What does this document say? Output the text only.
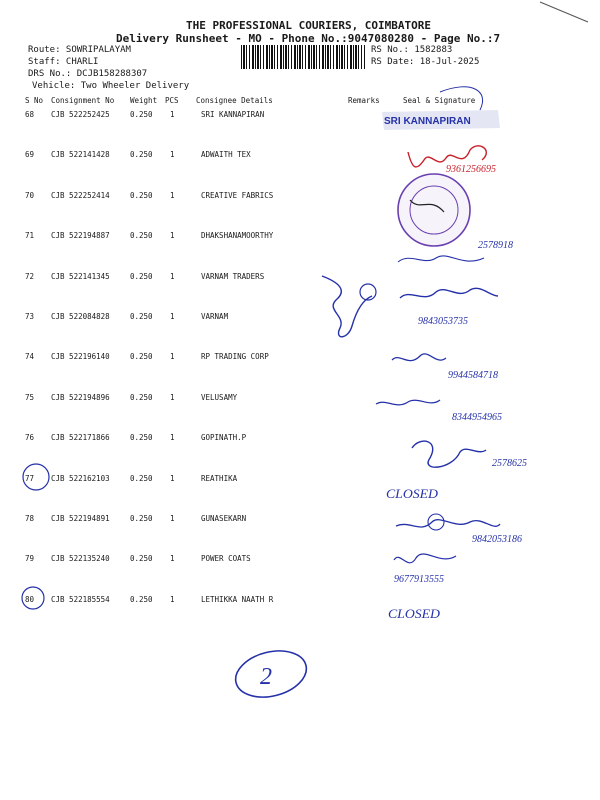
THE PROFESSIONAL COURIERS, COIMBATORE
Delivery Runsheet - MO - Phone No.:9047080280 - Page No.:7
Route: SOWRIPALAYAM
Staff: CHARLI
DRS No.: DCJB158288307
Vehicle: Two Wheeler Delivery
RS No.: 1582883
RS Date: 18-Jul-2025
S No Consignment No Weight PCS Consignee Details	Remarks	Seal & Signature
68 CJB 522252425	0.250 1	SRI KANNAPIRAN
69 CJB 522141428	0.250 1	ADWAITH TEX
70 CJB 522252414	0.250 1	CREATIVE FABRICS
71 CJB 522194887	0.250 1	DHAKSHANAMOORTHY
72 CJB 522141345	0.250 1	VARNAM TRADERS
73 CJB 522084828	0.250 1	VARNAM
74 CJB 522196140	0.250 1	RP TRADING CORP
75 CJB 522194896	0.250 1	VELUSAMY
76 CJB 522171866	0.250 1	GOPINATH.P
77 CJB 522162103	0.250 1	REATHIKA
78 CJB 522194891	0.250 1	GUNASEKARN
79 CJB 522135240	0.250 1	POWER COATS
80 CJB 522185554	0.250 1	LETHIKKA NAATH R
SRI KANNAPIRAN
9361256695
2578918
9843053735
9944584718
8344954965
2578625
CLOSED
9842053186
9677913555
CLOSED
2
